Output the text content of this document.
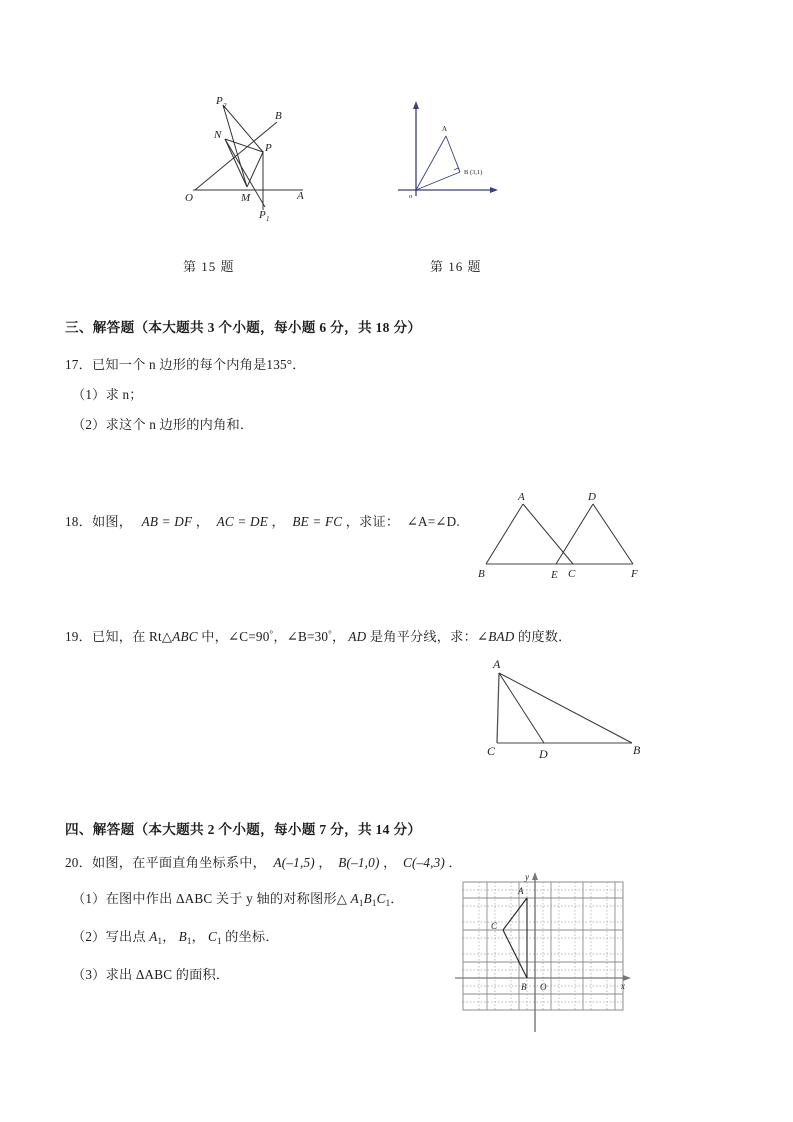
P 2
N
M
O	A
B
P
P 1
A
B (3,1)
o
第 15 题	第 16 题
三、解答题（本大题共 3 个小题，每小题 6 分，共 18 分）
17．已知一个 n 边形的每个内角是135°．
（1）求 n；
（2）求这个 n 边形的内角和．
18．如图， AB = DF ， AC = DE ， BE = FC ，求证： ∠A=∠D.
B
A
E C
D
F
19．已知，在 Rt△ABC 中，∠C=90°，∠B=30°， AD 是角平分线，求：∠BAD 的度数．
A
C	D	B
四、解答题（本大题共 2 个小题，每小题 7 分，共 14 分）
20．如图，在平面直角坐标系中， A(–1,5) ， B(–1,0) ， C(–4,3) ．
（1）在图中作出 ΔABC 关于 y 轴的对称图形△ $A_1B_1C_1$．
（2）写出点 $A_1$， $B_1$， $C_1$ 的坐标．
（3）求出 ΔABC 的面积．
A
B
C
O
y
x
